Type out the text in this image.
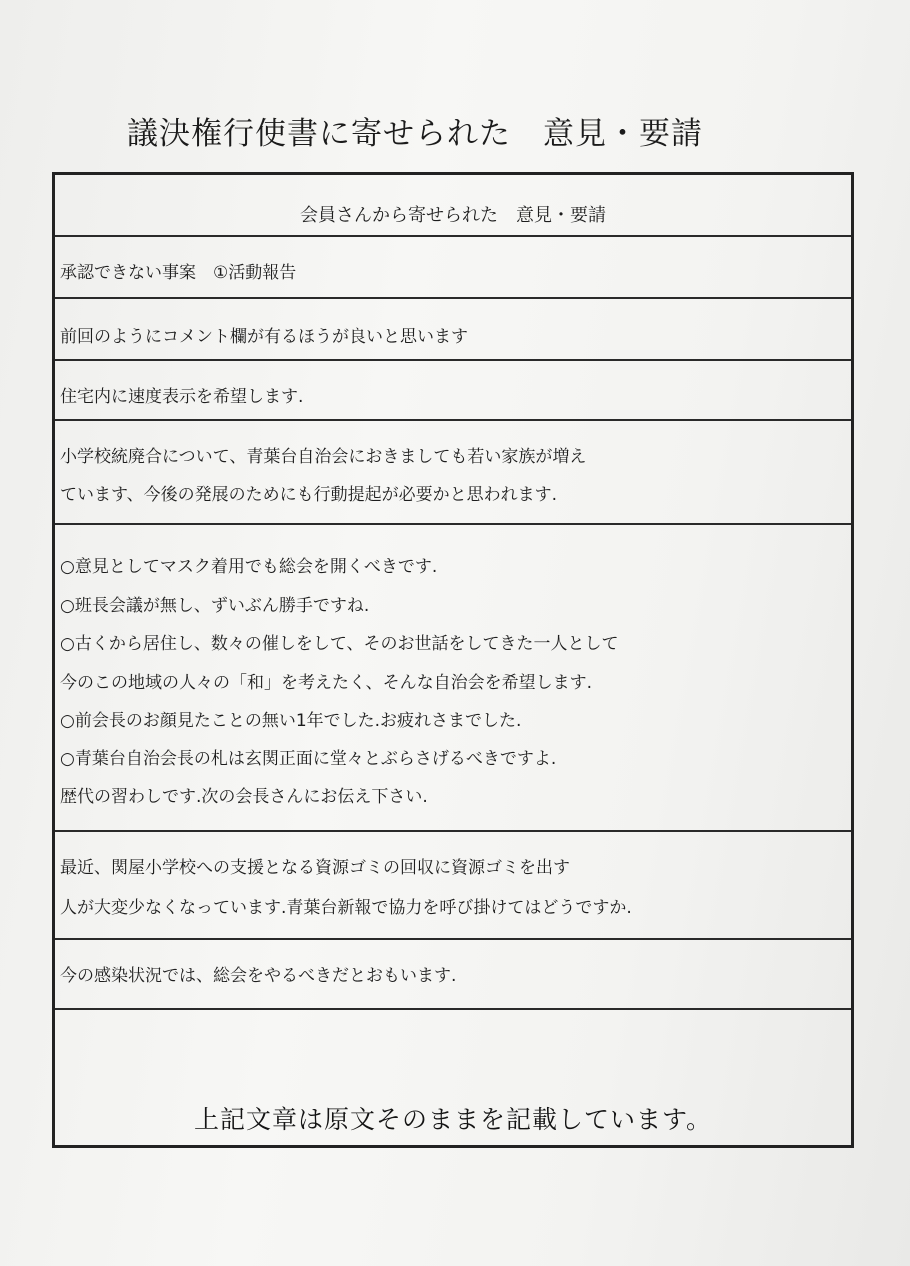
議決権行使書に寄せられた　意見・要請
会員さんから寄せられた　意見・要請
承認できない事案　①活動報告
前回のようにコメント欄が有るほうが良いと思います
住宅内に速度表示を希望します.
小学校統廃合について、青葉台自治会におきましても若い家族が増え
ています、今後の発展のためにも行動提起が必要かと思われます.
○意見としてマスク着用でも総会を開くべきです.
○班長会議が無し、ずいぶん勝手ですね.
○古くから居住し、数々の催しをして、そのお世話をしてきた一人として
今のこの地域の人々の「和」を考えたく、そんな自治会を希望します.
○前会長のお顔見たことの無い1年でした.お疲れさまでした.
○青葉台自治会長の札は玄関正面に堂々とぶらさげるべきですよ.
歴代の習わしです.次の会長さんにお伝え下さい.
最近、関屋小学校への支援となる資源ゴミの回収に資源ゴミを出す
人が大変少なくなっています.青葉台新報で協力を呼び掛けてはどうですか.
今の感染状況では、総会をやるべきだとおもいます.
上記文章は原文そのままを記載しています。
